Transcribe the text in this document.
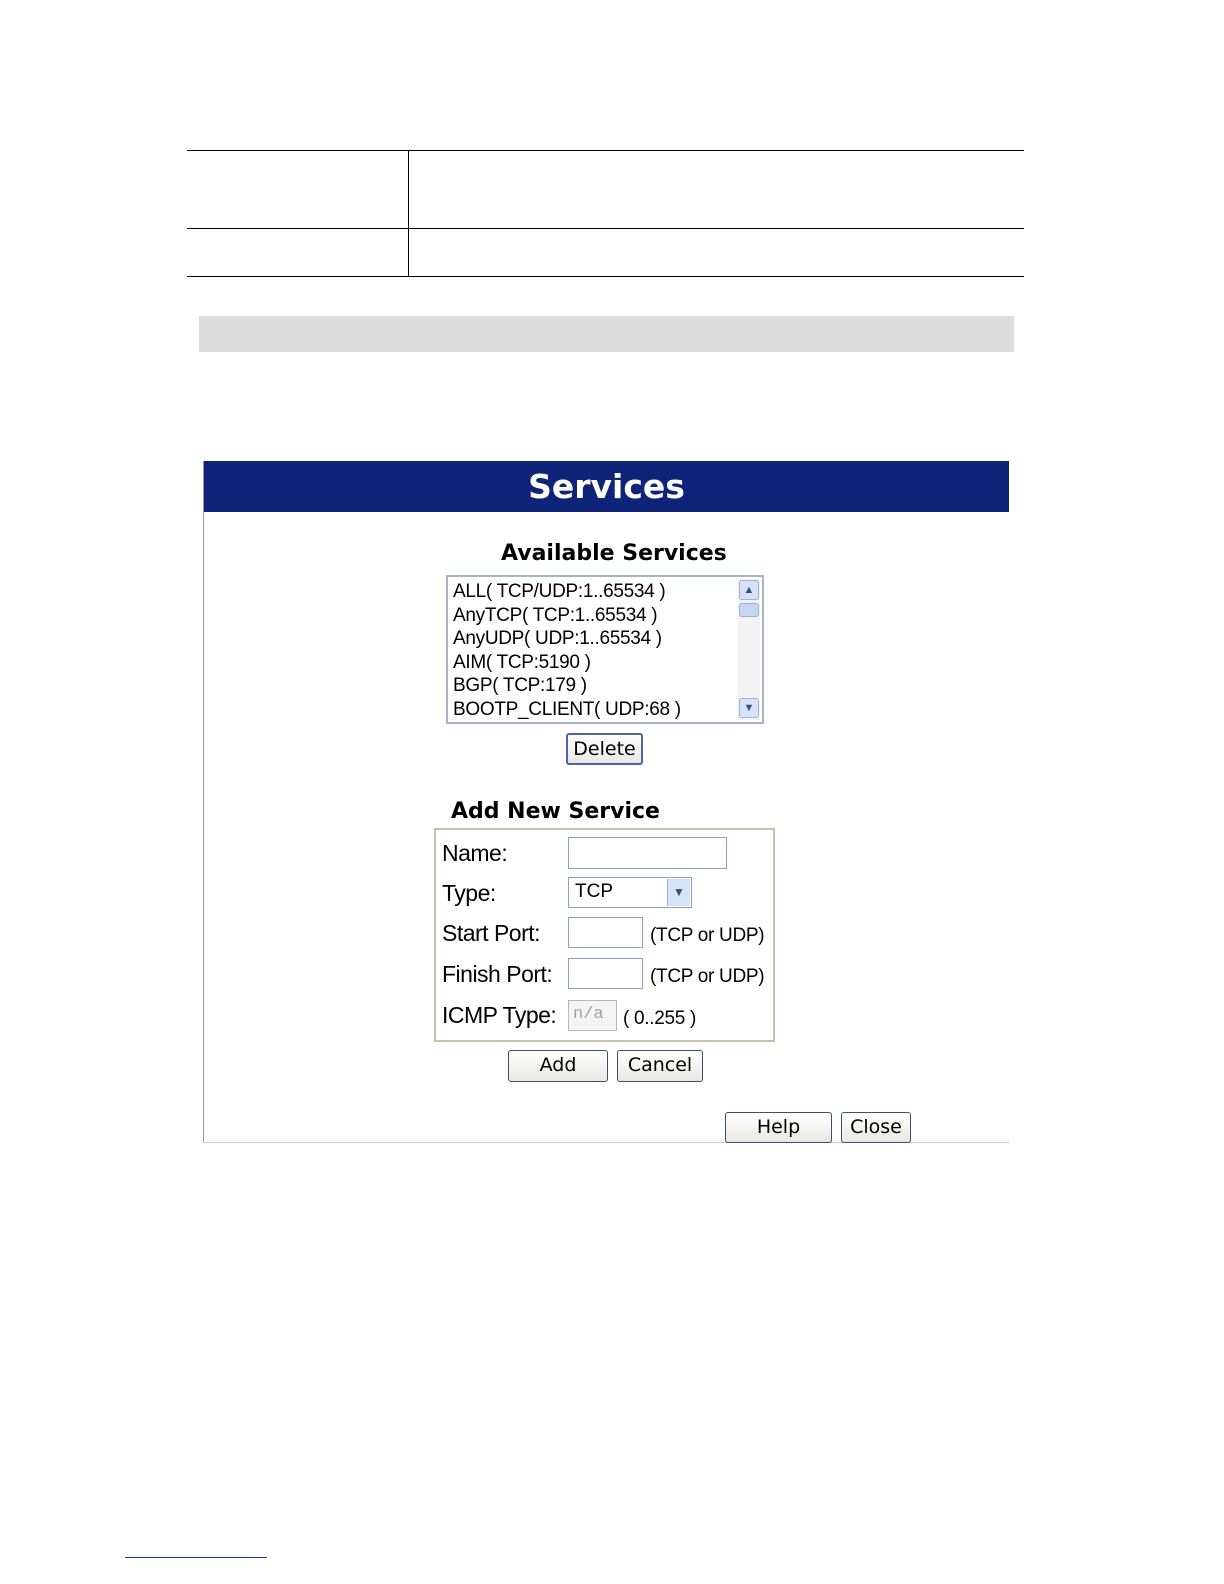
Services
Available Services
ALL( TCP/UDP:1..65534 )
AnyTCP( TCP:1..65534 )
AnyUDP( UDP:1..65534 )
AIM( TCP:5190 )
BGP( TCP:179 )
BOOTP_CLIENT( UDP:68 )
▲
▼
Delete
Add New Service
Name:
Type:	TCP	▼
Start Port:	(TCP or UDP)
Finish Port:	(TCP or UDP)
ICMP Type: n/a ( 0..255 )
Add	Cancel
Help	Close
